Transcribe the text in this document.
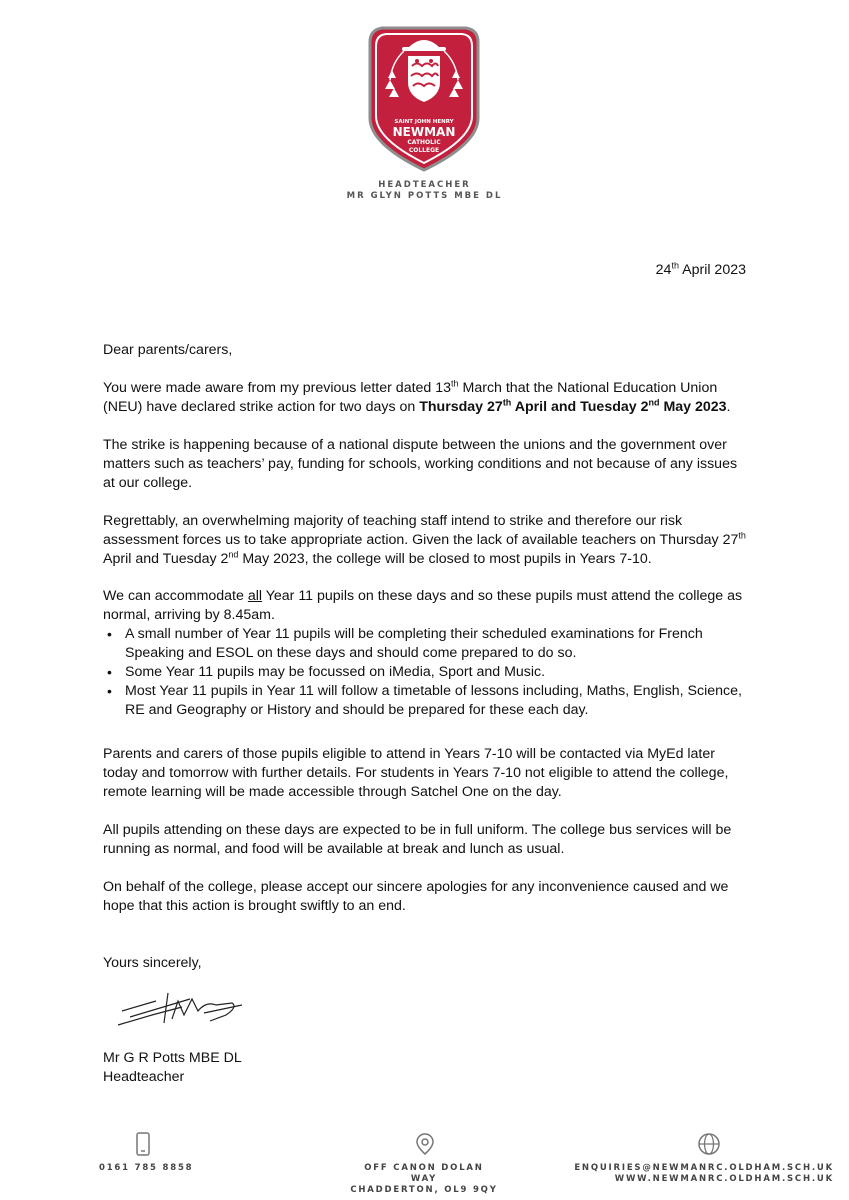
SAINT JOHN HENRY
NEWMAN
CATHOLIC
COLLEGE
HEADTEACHER
MR GLYN POTTS MBE DL
24th April 2023
Dear parents/carers,

You were made aware from my previous letter dated 13th March that the National Education Union (NEU) have declared strike action for two days on Thursday 27th April and Tuesday 2nd May 2023.

The strike is happening because of a national dispute between the unions and the government over matters such as teachers’ pay, funding for schools, working conditions and not because of any issues at our college.

Regrettably, an overwhelming majority of teaching staff intend to strike and therefore our risk assessment forces us to take appropriate action. Given the lack of available teachers on Thursday 27th April and Tuesday 2nd May 2023, the college will be closed to most pupils in Years 7-10.

We can accommodate all Year 11 pupils on these days and so these pupils must attend the college as normal, arriving by 8.45am.

• A small number of Year 11 pupils will be completing their scheduled examinations for French Speaking and ESOL on these days and should come prepared to do so.
• Some Year 11 pupils may be focussed on iMedia, Sport and Music.
• Most Year 11 pupils in Year 11 will follow a timetable of lessons including, Maths, English, Science, RE and Geography or History and should be prepared for these each day.

Parents and carers of those pupils eligible to attend in Years 7-10 will be contacted via MyEd later today and tomorrow with further details. For students in Years 7-10 not eligible to attend the college, remote learning will be made accessible through Satchel One on the day.

All pupils attending on these days are expected to be in full uniform. The college bus services will be running as normal, and food will be available at break and lunch as usual.

On behalf of the college, please accept our sincere apologies for any inconvenience caused and we hope that this action is brought swiftly to an end.

Yours sincerely,
Mr G R Potts MBE DL
Headteacher
0161 785 8858	OFF CANON DOLAN WAY
CHADDERTON, OL9 9QY
ENQUIRIES@NEWMANRC.OLDHAM.SCH.UK
WWW.NEWMANRC.OLDHAM.SCH.UK
